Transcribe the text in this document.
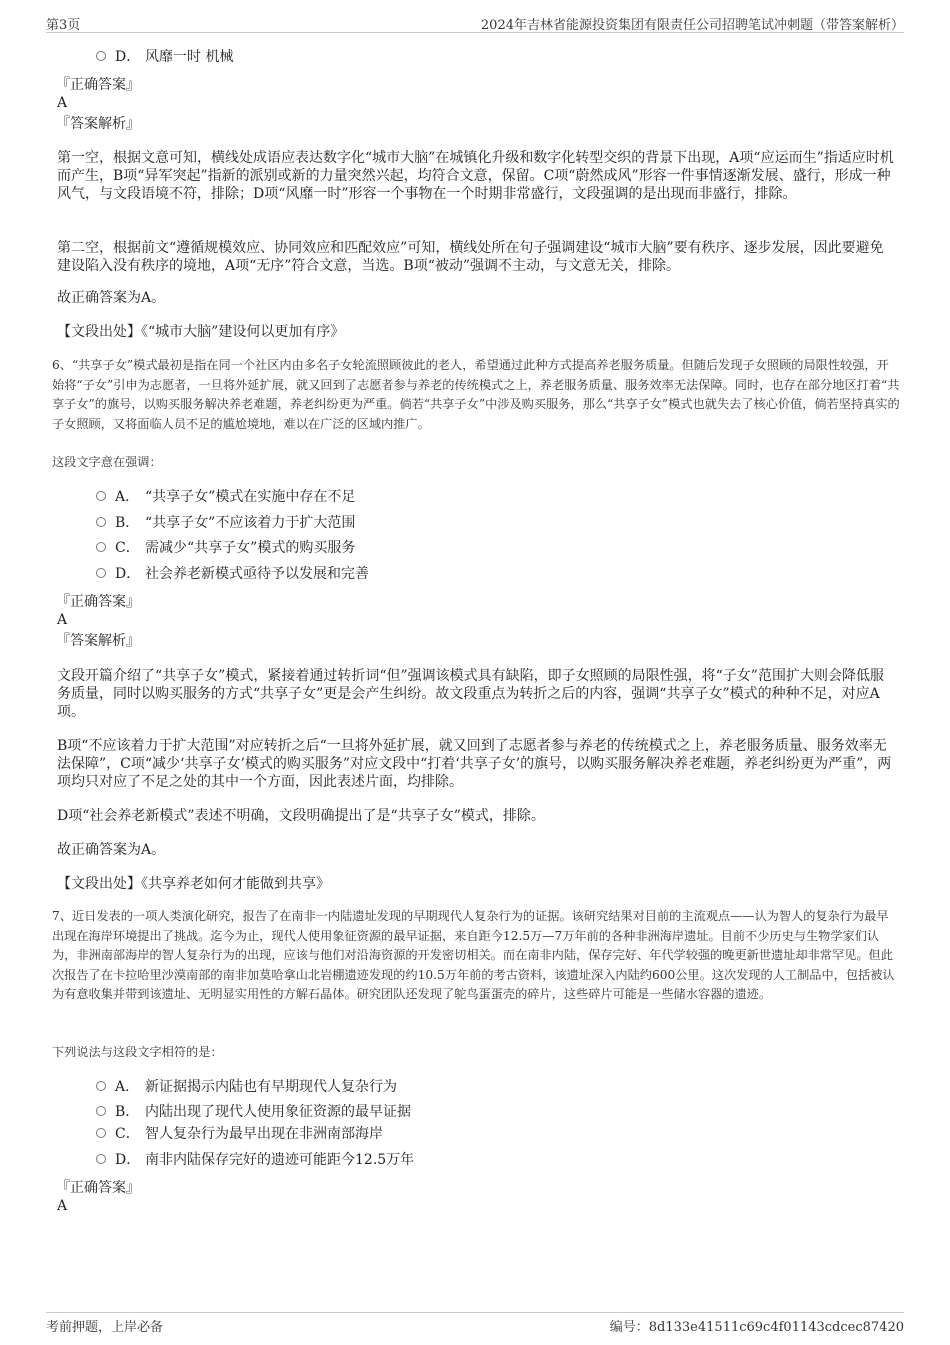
第3页	2024年吉林省能源投资集团有限责任公司招聘笔试冲刺题（带答案解析）
D． 风靡一时 机械
『正确答案』
A
『答案解析』
第一空，根据文意可知，横线处成语应表达数字化“城市大脑”在城镇化升级和数字化转型交织的背景下出现，A项“应运而生”指适应时机而产生，B项“异军突起”指新的派别或新的力量突然兴起，均符合文意，保留。C项“蔚然成风”形容一件事情逐渐发展、盛行，形成一种风气，与文段语境不符，排除；D项“风靡一时”形容一个事物在一个时期非常盛行，文段强调的是出现而非盛行，排除。
第二空，根据前文“遵循规模效应、协同效应和匹配效应”可知，横线处所在句子强调建设“城市大脑”要有秩序、逐步发展，因此要避免建设陷入没有秩序的境地，A项“无序”符合文意，当选。B项“被动”强调不主动，与文意无关，排除。
故正确答案为A。
【文段出处】《“城市大脑”建设何以更加有序》
6、“共享子女”模式最初是指在同一个社区内由多名子女轮流照顾彼此的老人，希望通过此种方式提高养老服务质量。但随后发现子女照顾的局限性较强，开始将“子女”引申为志愿者，一旦将外延扩展，就又回到了志愿者参与养老的传统模式之上，养老服务质量、服务效率无法保障。同时，也存在部分地区打着“共享子女”的旗号，以购买服务解决养老难题，养老纠纷更为严重。倘若“共享子女”中涉及购买服务，那么“共享子女”模式也就失去了核心价值，倘若坚持真实的子女照顾，又将面临人员不足的尴尬境地，难以在广泛的区域内推广。
这段文字意在强调：
A． “共享子女”模式在实施中存在不足
B． “共享子女”不应该着力于扩大范围
C． 需减少“共享子女”模式的购买服务
D． 社会养老新模式亟待予以发展和完善
『正确答案』
A
『答案解析』
文段开篇介绍了“共享子女”模式，紧接着通过转折词“但”强调该模式具有缺陷，即子女照顾的局限性强，将“子女”范围扩大则会降低服务质量，同时以购买服务的方式“共享子女”更是会产生纠纷。故文段重点为转折之后的内容，强调“共享子女”模式的种种不足，对应A项。
B项“不应该着力于扩大范围”对应转折之后“一旦将外延扩展，就又回到了志愿者参与养老的传统模式之上，养老服务质量、服务效率无法保障”，C项“减少‘共享子女’模式的购买服务”对应文段中“打着‘共享子女’的旗号，以购买服务解决养老难题，养老纠纷更为严重”，两项均只对应了不足之处的其中一个方面，因此表述片面，均排除。
D项“社会养老新模式”表述不明确，文段明确提出了是“共享子女”模式，排除。
故正确答案为A。
【文段出处】《共享养老如何才能做到共享》
7、近日发表的一项人类演化研究，报告了在南非一内陆遗址发现的早期现代人复杂行为的证据。该研究结果对目前的主流观点——认为智人的复杂行为最早出现在海岸环境提出了挑战。迄今为止，现代人使用象征资源的最早证据，来自距今12.5万—7万年前的各种非洲海岸遗址。目前不少历史与生物学家们认为，非洲南部海岸的智人复杂行为的出现，应该与他们对沿海资源的开发密切相关。而在南非内陆，保存完好、年代学较强的晚更新世遗址却非常罕见。但此次报告了在卡拉哈里沙漠南部的南非加莫哈拿山北岩棚遗迹发现的约10.5万年前的考古资料，该遗址深入内陆约600公里。这次发现的人工制品中，包括被认为有意收集并带到该遗址、无明显实用性的方解石晶体。研究团队还发现了鸵鸟蛋蛋壳的碎片，这些碎片可能是一些储水容器的遗迹。
下列说法与这段文字相符的是：
A． 新证据揭示内陆也有早期现代人复杂行为
B． 内陆出现了现代人使用象征资源的最早证据
C． 智人复杂行为最早出现在非洲南部海岸
D． 南非内陆保存完好的遗迹可能距今12.5万年
『正确答案』
A
考前押题，上岸必备	编号：8d133e41511c69c4f01143cdcec87420
